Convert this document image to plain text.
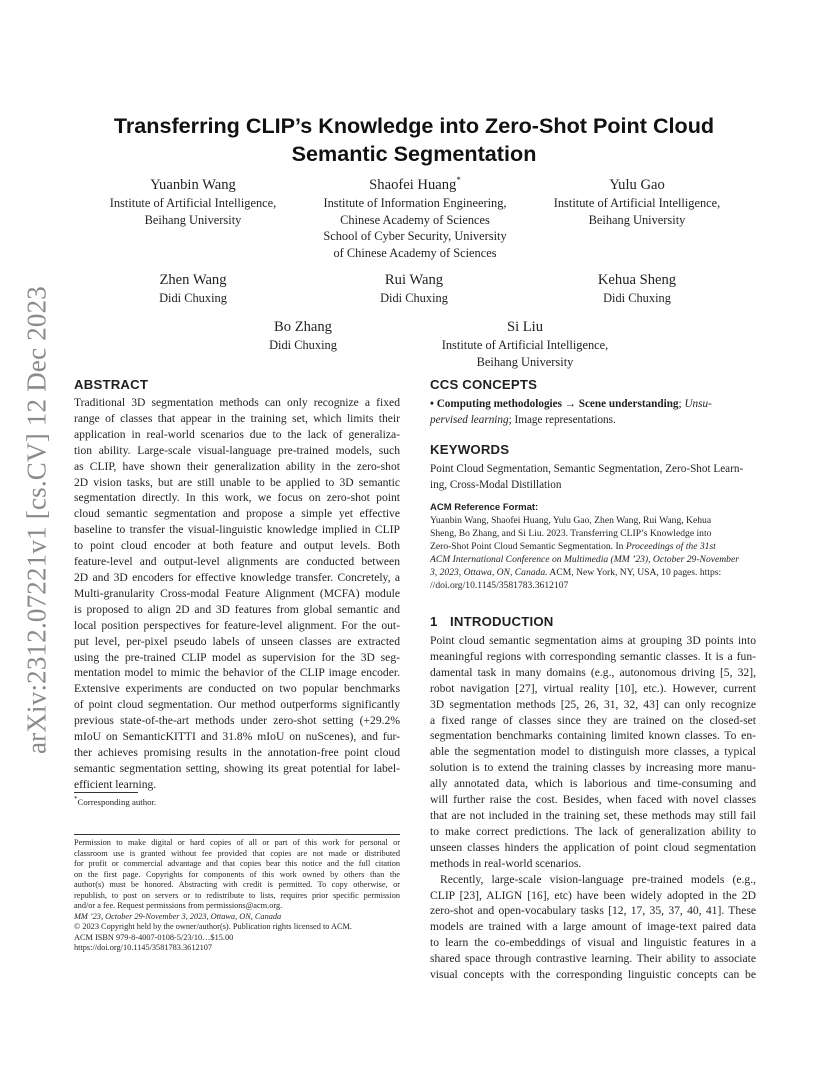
arXiv:2312.07221v1 [cs.CV] 12 Dec 2023
Transferring CLIP’s Knowledge into Zero-Shot Point Cloud
Semantic Segmentation
Yuanbin Wang
Institute of Artificial Intelligence,
Beihang University
Shaofei Huang*
Institute of Information Engineering,
Chinese Academy of Sciences
School of Cyber Security, University
of Chinese Academy of Sciences
Yulu Gao
Institute of Artificial Intelligence,
Beihang University
Zhen Wang
Didi Chuxing
Rui Wang
Didi Chuxing
Kehua Sheng
Didi Chuxing
Bo Zhang
Didi Chuxing
Si Liu
Institute of Artificial Intelligence,
Beihang University
ABSTRACT
Traditional 3D segmentation methods can only recognize a fixed
range of classes that appear in the training set, which limits their
application in real-world scenarios due to the lack of generaliza-
tion ability. Large-scale visual-language pre-trained models, such
as CLIP, have shown their generalization ability in the zero-shot
2D vision tasks, but are still unable to be applied to 3D semantic
segmentation directly. In this work, we focus on zero-shot point
cloud semantic segmentation and propose a simple yet effective
baseline to transfer the visual-linguistic knowledge implied in CLIP
to point cloud encoder at both feature and output levels. Both
feature-level and output-level alignments are conducted between
2D and 3D encoders for effective knowledge transfer. Concretely, a
Multi-granularity Cross-modal Feature Alignment (MCFA) module
is proposed to align 2D and 3D features from global semantic and
local position perspectives for feature-level alignment. For the out-
put level, per-pixel pseudo labels of unseen classes are extracted
using the pre-trained CLIP model as supervision for the 3D seg-
mentation model to mimic the behavior of the CLIP image encoder.
Extensive experiments are conducted on two popular benchmarks
of point cloud segmentation. Our method outperforms significantly
previous state-of-the-art methods under zero-shot setting (+29.2%
mIoU on SemanticKITTI and 31.8% mIoU on nuScenes), and fur-
ther achieves promising results in the annotation-free point cloud
semantic segmentation setting, showing its great potential for label-
efficient learning.
*Corresponding author.
Permission to make digital or hard copies of all or part of this work for personal or
classroom use is granted without fee provided that copies are not made or distributed
for profit or commercial advantage and that copies bear this notice and the full citation
on the first page. Copyrights for components of this work owned by others than the
author(s) must be honored. Abstracting with credit is permitted. To copy otherwise, or
republish, to post on servers or to redistribute to lists, requires prior specific permission
and/or a fee. Request permissions from permissions@acm.org.

MM ’23, October 29-November 3, 2023, Ottawa, ON, Canada

© 2023 Copyright held by the owner/author(s). Publication rights licensed to ACM.

ACM ISBN 979-8-4007-0108-5/23/10…$15.00

https://doi.org/10.1145/3581783.3612107

CCS CONCEPTS
• Computing methodologies → Scene understanding; Unsu-
pervised learning; Image representations.
KEYWORDS
Point Cloud Segmentation, Semantic Segmentation, Zero-Shot Learn-
ing, Cross-Modal Distillation
ACM Reference Format:
Yuanbin Wang, Shaofei Huang, Yulu Gao, Zhen Wang, Rui Wang, Kehua
Sheng, Bo Zhang, and Si Liu. 2023. Transferring CLIP’s Knowledge into
Zero-Shot Point Cloud Semantic Segmentation. In Proceedings of the 31st
ACM International Conference on Multimedia (MM ’23), October 29-November
3, 2023, Ottawa, ON, Canada. ACM, New York, NY, USA, 10 pages. https:
//doi.org/10.1145/3581783.3612107
1 INTRODUCTION
Point cloud semantic segmentation aims at grouping 3D points into
meaningful regions with corresponding semantic classes. It is a fun-
damental task in many domains (e.g., autonomous driving [5, 32],
robot navigation [27], virtual reality [10], etc.). However, current
3D segmentation methods [25, 26, 31, 32, 43] can only recognize
a fixed range of classes since they are trained on the closed-set
segmentation benchmarks containing limited known classes. To en-
able the segmentation model to distinguish more classes, a typical
solution is to extend the training classes by increasing more manu-
ally annotated data, which is laborious and time-consuming and
will further raise the cost. Besides, when faced with novel classes
that are not included in the training set, these methods may still fail
to make correct predictions. The lack of generalization ability to
unseen classes hinders the application of point cloud segmentation
methods in real-world scenarios.
Recently, large-scale vision-language pre-trained models (e.g.,
CLIP [23], ALIGN [16], etc) have been widely adopted in the 2D
zero-shot and open-vocabulary tasks [12, 17, 35, 37, 40, 41]. These
models are trained with a large amount of image-text paired data
to learn the co-embeddings of visual and linguistic features in a
shared space through contrastive learning. Their ability to associate
visual concepts with the corresponding linguistic concepts can be
